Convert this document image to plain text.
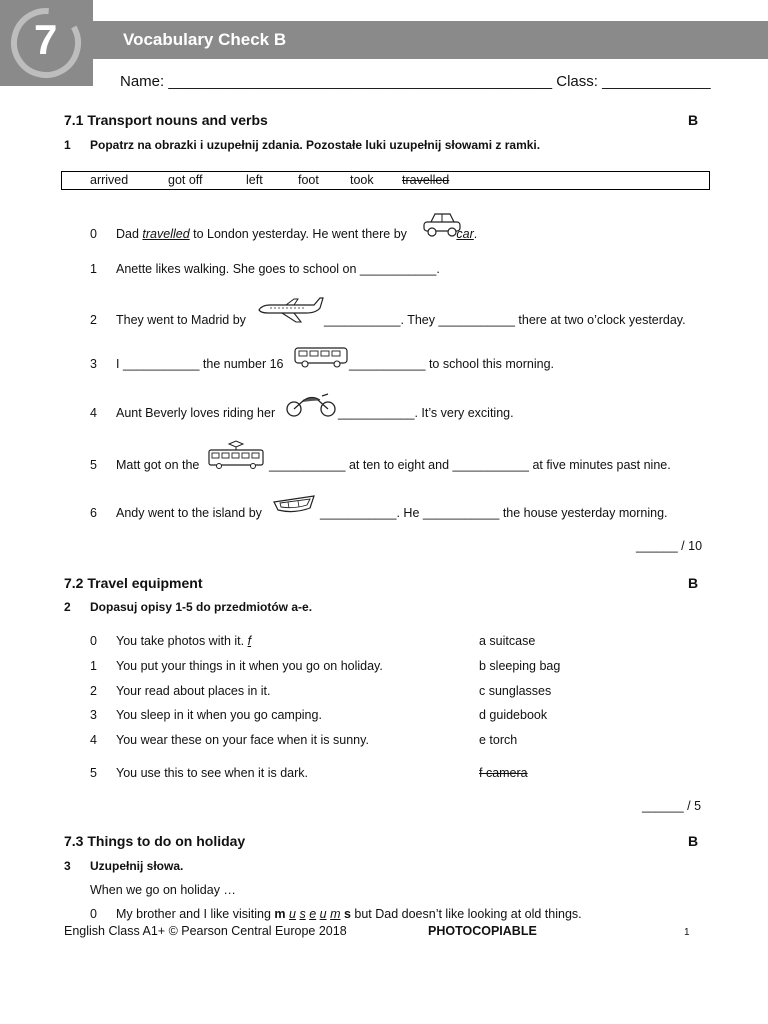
7	Vocabulary Check B
Name: ______________________________________________ Class: _____________
7.1 Transport nouns and verbs	B
1 Popatrz na obrazki i uzupełnij zdania. Pozostałe luki uzupełnij słowami z ramki.
arrived	got off	left	foot took travelled
0 Dad travelled to London yesterday. He went there by	car.
1 Anette likes walking. She goes to school on ___________.
2 They went to Madrid by	___________. They ___________ there at two o’clock yesterday.
3 I ___________ the number 16	___________ to school this morning.
4 Aunt Beverly loves riding her	___________. It’s very exciting.
5 Matt got on the	___________ at ten to eight and ___________ at five minutes past nine.
6 Andy went to the island by	___________. He ___________ the house yesterday morning.
______ / 10
7.2 Travel equipment	B
2 Dopasuj opisy 1-5 do przedmiotów a-e.
0 You take photos with it. f	a suitcase
1 You put your things in it when you go on holiday.	b sleeping bag
2 Your read about places in it.	c sunglasses
3 You sleep in it when you go camping.	d guidebook
4 You wear these on your face when it is sunny.	e torch
5 You use this to see when it is dark.	f camera
______ / 5
7.3 Things to do on holiday	B
3 Uzupełnij słowa.
When we go on holiday …
0 My brother and I like visiting m u s e u m s but Dad doesn’t like looking at old things.
English Class A1+ © Pearson Central Europe 2018	PHOTOCOPIABLE	1
